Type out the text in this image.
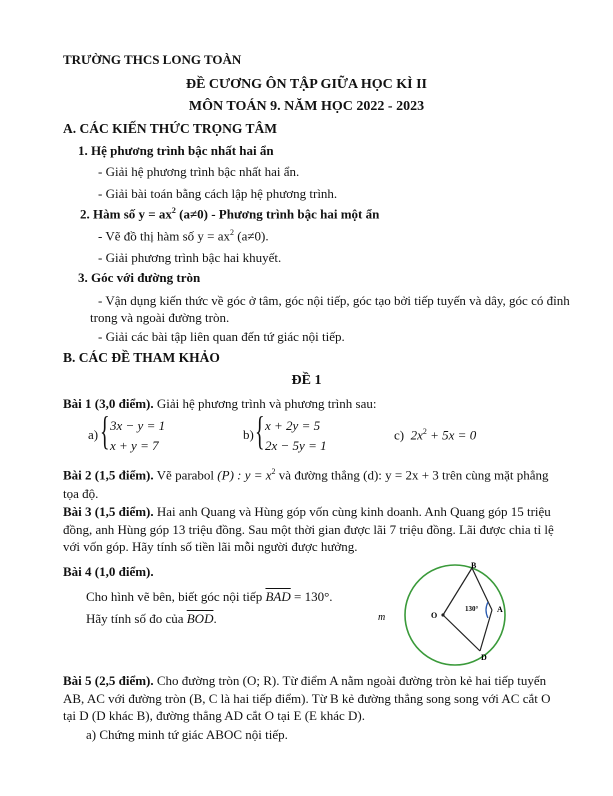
TRƯỜNG THCS LONG TOÀN
ĐỀ CƯƠNG ÔN TẬP GIỮA HỌC KÌ II
MÔN TOÁN 9. NĂM HỌC 2022 - 2023
A. CÁC KIẾN THỨC TRỌNG TÂM
1. Hệ phương trình bậc nhất hai ẩn
- Giải hệ phương trình bậc nhất hai ẩn.
- Giải bài toán bằng cách lập hệ phương trình.
2. Hàm số $y = ax^2$ (a≠0) - Phương trình bậc hai một ẩn
- Vẽ đồ thị hàm số $y = ax^2$ (a≠0).
- Giải phương trình bậc hai khuyết.
3. Góc với đường tròn
- Vận dụng kiến thức về góc ở tâm, góc nội tiếp, góc tạo bởi tiếp tuyến và dây, góc có đỉnh trong và ngoài đường tròn.
- Giải các bài tập liên quan đến tứ giác nội tiếp.
B. CÁC ĐỀ THAM KHẢO
ĐỀ 1
Bài 1 (3,0 điểm). Giải hệ phương trình và phương trình sau:
a) { 3x − y = 1
x + y = 7
b) { x + 2y = 5
2x − 5y = 1
c) $2x^2 + 5x = 0$
Bài 2 (1,5 điểm). Vẽ parabol (P) : $y = x^2$ và đường thẳng (d): y = 2x + 3 trên cùng mặt phẳng tọa độ.
Bài 3 (1,5 điểm). Hai anh Quang và Hùng góp vốn cùng kinh doanh. Anh Quang góp 15 triệu đồng, anh Hùng góp 13 triệu đồng. Sau một thời gian được lãi 7 triệu đồng. Lãi được chia tỉ lệ với vốn góp. Hãy tính số tiền lãi mỗi người được hưởng.
Bài 4 (1,0 điểm).
Cho hình vẽ bên, biết góc nội tiếp $\overline{BAD} = 130^\circ$.
Hãy tính số đo của $\overline{BOD}$.
B
A
O
D
m
130°
Bài 5 (2,5 điểm). Cho đường tròn (O; R). Từ điểm A nằm ngoài đường tròn kẻ hai tiếp tuyến AB, AC với đường tròn (B, C là hai tiếp điểm). Từ B kẻ đường thẳng song song với AC cắt O tại D (D khác B), đường thẳng AD cắt O tại E (E khác D).
a) Chứng minh tứ giác ABOC nội tiếp.
